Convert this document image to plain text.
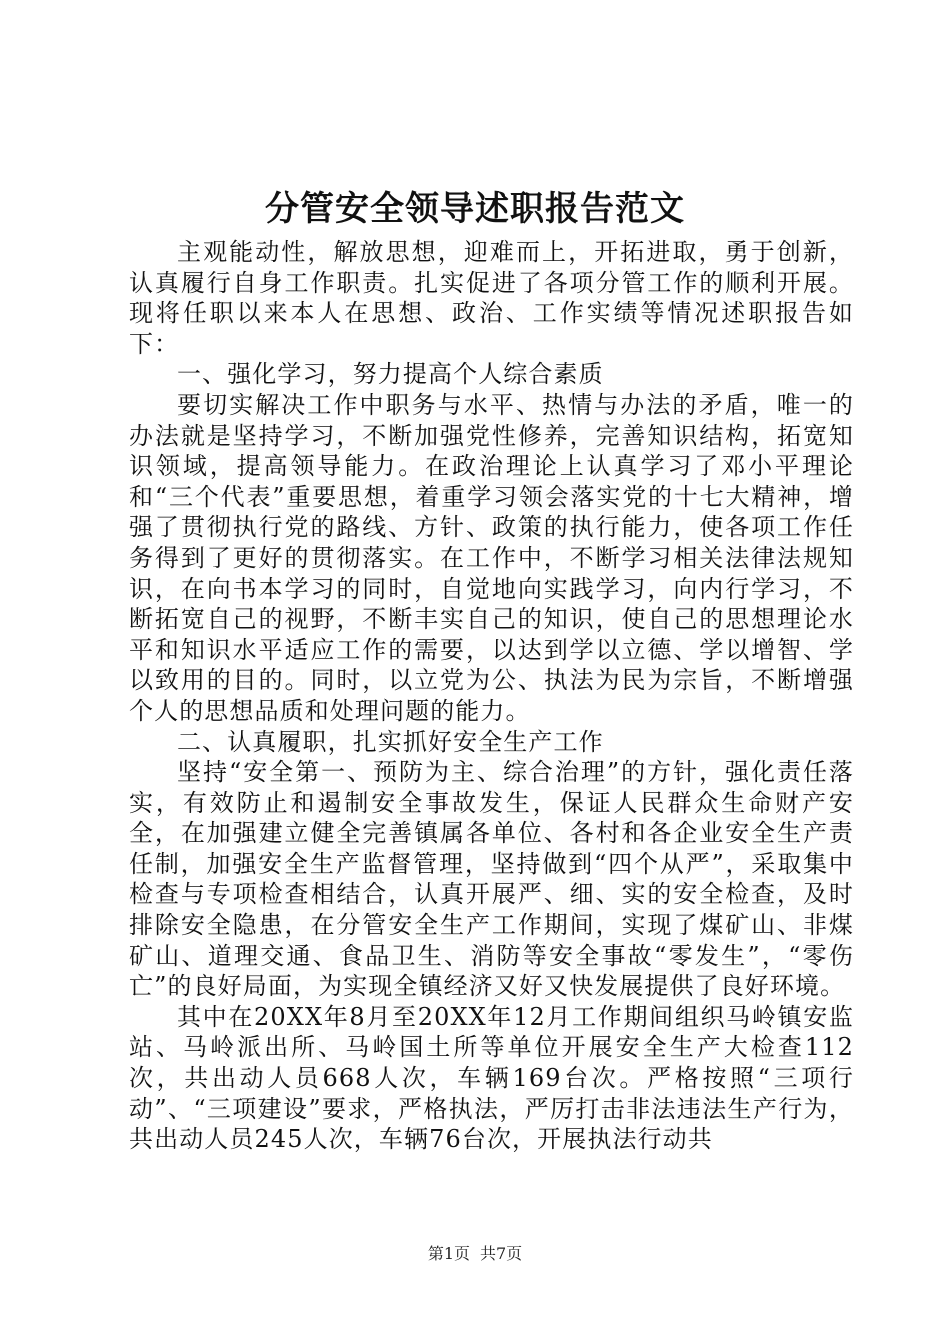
分管安全领导述职报告范文

主观能动性，解放思想，迎难而上，开拓进取，勇于创新，认真履行自身工作职责。扎实促进了各项分管工作的顺利开展。现将任职以来本人在思想、政治、工作实绩等情况述职报告如下：

一、强化学习，努力提高个人综合素质

要切实解决工作中职务与水平、热情与办法的矛盾，唯一的办法就是坚持学习，不断加强党性修养，完善知识结构，拓宽知识领域，提高领导能力。在政治理论上认真学习了邓小平理论和“三个代表”重要思想，着重学习领会落实党的十七大精神，增强了贯彻执行党的路线、方针、政策的执行能力，使各项工作任务得到了更好的贯彻落实。在工作中，不断学习相关法律法规知识，在向书本学习的同时，自觉地向实践学习，向内行学习，不断拓宽自己的视野，不断丰实自己的知识，使自己的思想理论水平和知识水平适应工作的需要，以达到学以立德、学以增智、学以致用的目的。同时，以立党为公、执法为民为宗旨，不断增强个人的思想品质和处理问题的能力。

二、认真履职，扎实抓好安全生产工作

坚持“安全第一、预防为主、综合治理”的方针，强化责任落实，有效防止和遏制安全事故发生，保证人民群众生命财产安全，在加强建立健全完善镇属各单位、各村和各企业安全生产责任制，加强安全生产监督管理，坚持做到“四个从严”，采取集中检查与专项检查相结合，认真开展严、细、实的安全检查，及时排除安全隐患，在分管安全生产工作期间，实现了煤矿山、非煤矿山、道理交通、食品卫生、消防等安全事故“零发生”，“零伤亡”的良好局面，为实现全镇经济又好又快发展提供了良好环境。

其中在20XX年8月至20XX年12月工作期间组织马岭镇安监站、马岭派出所、马岭国土所等单位开展安全生产大检查112次，共出动人员668人次，车辆169台次。严格按照“三项行动”、“三项建设”要求，严格执法，严厉打击非法违法生产行为，共出动人员245人次，车辆76台次，开展执法行动共

第1页 共7页
